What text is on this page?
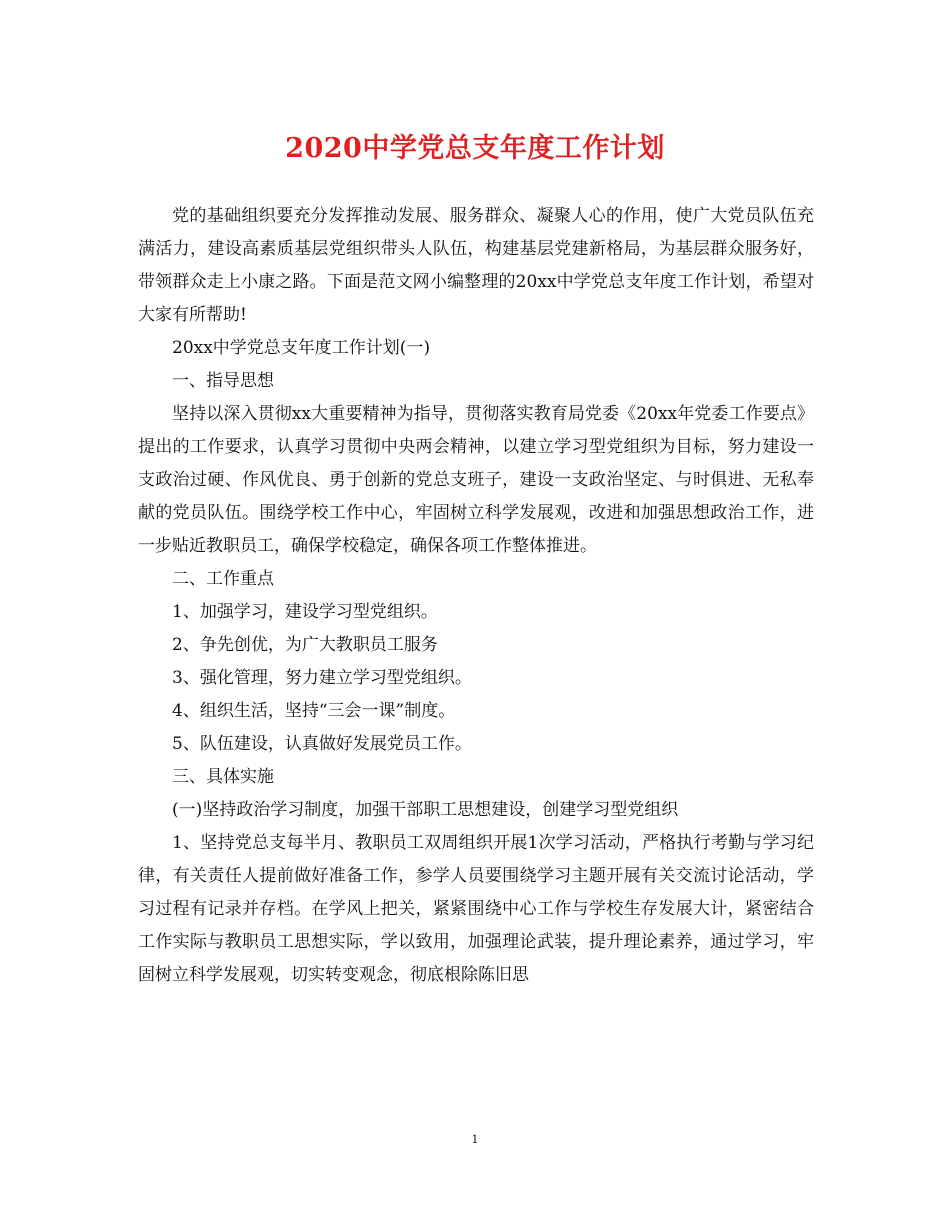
2020中学党总支年度工作计划

党的基础组织要充分发挥推动发展、服务群众、凝聚人心的作用，使广大党员队伍充满活力，建设高素质基层党组织带头人队伍，构建基层党建新格局，为基层群众服务好，带领群众走上小康之路。下面是范文网小编整理的20xx中学党总支年度工作计划，希望对大家有所帮助!

20xx中学党总支年度工作计划(一)

一、指导思想

坚持以深入贯彻xx大重要精神为指导，贯彻落实教育局党委《20xx年党委工作要点》提出的工作要求，认真学习贯彻中央两会精神，以建立学习型党组织为目标，努力建设一支政治过硬、作风优良、勇于创新的党总支班子，建设一支政治坚定、与时俱进、无私奉献的党员队伍。围绕学校工作中心，牢固树立科学发展观，改进和加强思想政治工作，进一步贴近教职员工，确保学校稳定，确保各项工作整体推进。

二、工作重点

1、加强学习，建设学习型党组织。

2、争先创优，为广大教职员工服务

3、强化管理，努力建立学习型党组织。

4、组织生活，坚持“三会一课”制度。

5、队伍建设，认真做好发展党员工作。

三、具体实施

(一)坚持政治学习制度，加强干部职工思想建设，创建学习型党组织

1、坚持党总支每半月、教职员工双周组织开展1次学习活动，严格执行考勤与学习纪律，有关责任人提前做好准备工作，参学人员要围绕学习主题开展有关交流讨论活动，学习过程有记录并存档。在学风上把关，紧紧围绕中心工作与学校生存发展大计，紧密结合工作实际与教职员工思想实际，学以致用，加强理论武装，提升理论素养，通过学习，牢固树立科学发展观，切实转变观念，彻底根除陈旧思

1
